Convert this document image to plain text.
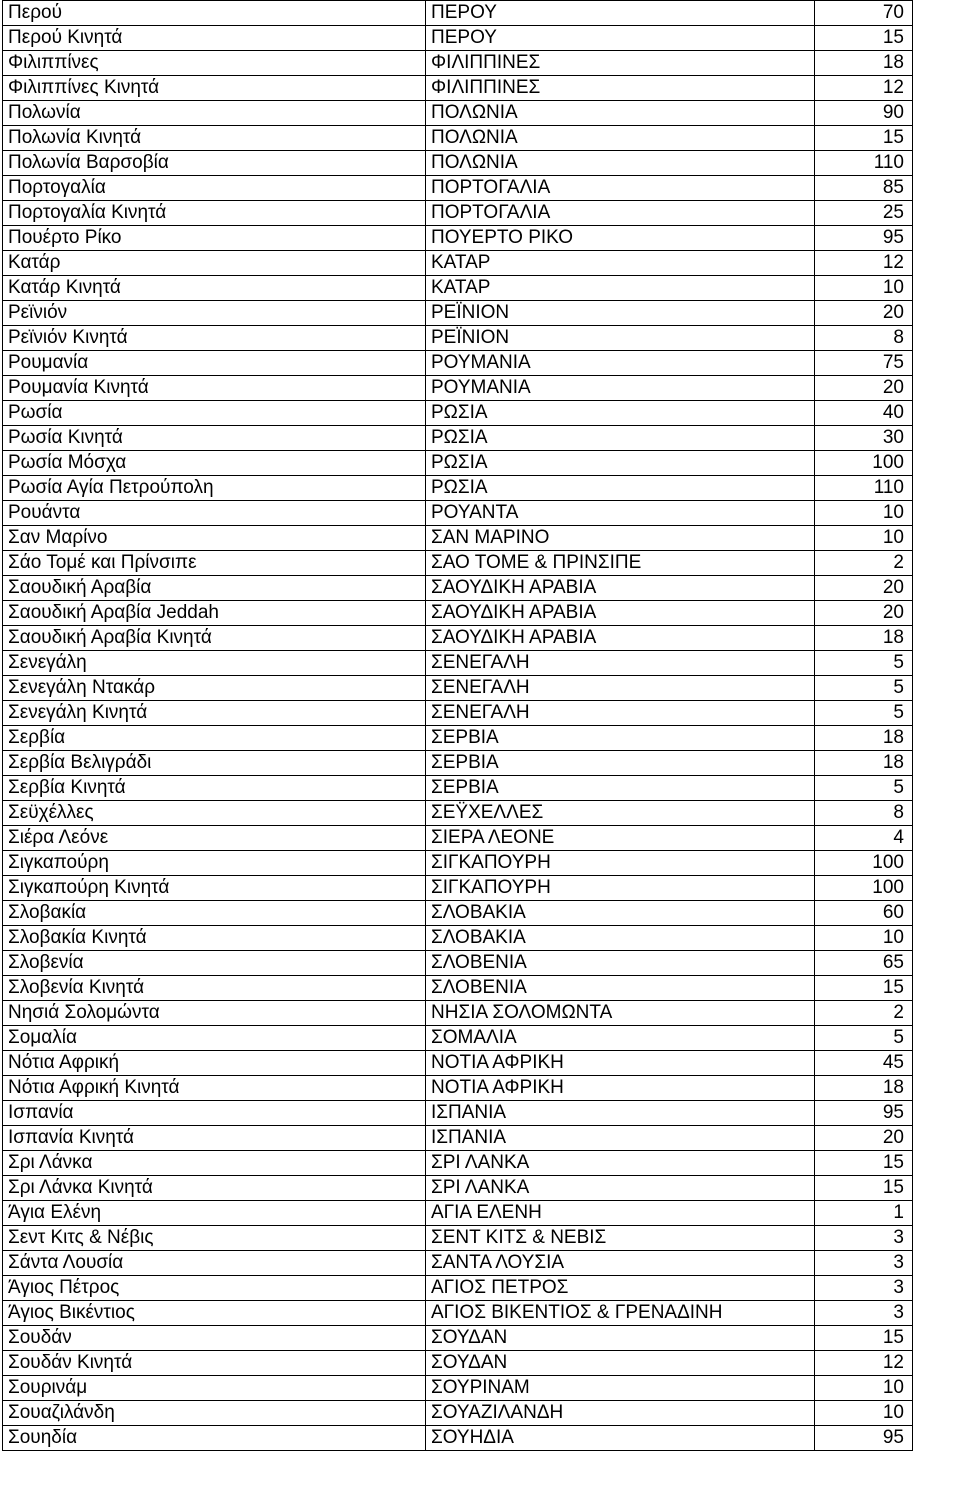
Περού	ΠΕΡΟΥ	70
Περού Κινητά	ΠΕΡΟΥ	15
Φιλιππίνες	ΦΙΛΙΠΠΙΝΕΣ	18
Φιλιππίνες Κινητά	ΦΙΛΙΠΠΙΝΕΣ	12
Πολωνία	ΠΟΛΩΝΙΑ	90
Πολωνία Κινητά	ΠΟΛΩΝΙΑ	15
Πολωνία Βαρσοβία	ΠΟΛΩΝΙΑ	110
Πορτογαλία	ΠΟΡΤΟΓΑΛΙΑ	85
Πορτογαλία Κινητά	ΠΟΡΤΟΓΑΛΙΑ	25
Πουέρτο Ρίκο	ΠΟΥΕΡΤΟ ΡΙΚΟ	95
Κατάρ	ΚΑΤΑΡ	12
Κατάρ Κινητά	ΚΑΤΑΡ	10
Ρεϊνιόν	ΡΕΪΝΙΟΝ	20
Ρεϊνιόν Κινητά	ΡΕΪΝΙΟΝ	8
Ρουμανία	ΡΟΥΜΑΝΙΑ	75
Ρουμανία Κινητά	ΡΟΥΜΑΝΙΑ	20
Ρωσία	ΡΩΣΙΑ	40
Ρωσία Κινητά	ΡΩΣΙΑ	30
Ρωσία Μόσχα	ΡΩΣΙΑ	100
Ρωσία Αγία Πετρούπολη	ΡΩΣΙΑ	110
Ρουάντα	ΡΟΥΑΝΤΑ	10
Σαν Μαρίνο	ΣΑΝ ΜΑΡΙΝΟ	10
Σάο Τομέ και Πρίνσιπε	ΣΑΟ ΤΟΜΕ & ΠΡΙΝΣΙΠΕ	2
Σαουδική Αραβία	ΣΑΟΥΔΙΚΗ ΑΡΑΒΙΑ	20
Σαουδική Αραβία Jeddah	ΣΑΟΥΔΙΚΗ ΑΡΑΒΙΑ	20
Σαουδική Αραβία Κινητά	ΣΑΟΥΔΙΚΗ ΑΡΑΒΙΑ	18
Σενεγάλη	ΣΕΝΕΓΑΛΗ	5
Σενεγάλη Ντακάρ	ΣΕΝΕΓΑΛΗ	5
Σενεγάλη Κινητά	ΣΕΝΕΓΑΛΗ	5
Σερβία	ΣΕΡΒΙΑ	18
Σερβία Βελιγράδι	ΣΕΡΒΙΑ	18
Σερβία Κινητά	ΣΕΡΒΙΑ	5
Σεϋχέλλες	ΣΕΫΧΕΛΛΕΣ	8
Σιέρα Λεόνε	ΣΙΕΡΑ ΛΕΟΝΕ	4
Σιγκαπούρη	ΣΙΓΚΑΠΟΥΡΗ	100
Σιγκαπούρη Κινητά	ΣΙΓΚΑΠΟΥΡΗ	100
Σλοβακία	ΣΛΟΒΑΚΙΑ	60
Σλοβακία Κινητά	ΣΛΟΒΑΚΙΑ	10
Σλοβενία	ΣΛΟΒΕΝΙΑ	65
Σλοβενία Κινητά	ΣΛΟΒΕΝΙΑ	15
Νησιά Σολομώντα	ΝΗΣΙΑ ΣΟΛΟΜΩΝΤΑ	2
Σομαλία	ΣΟΜΑΛΙΑ	5
Νότια Αφρική	ΝΟΤΙΑ ΑΦΡΙΚΗ	45
Νότια Αφρική Κινητά	ΝΟΤΙΑ ΑΦΡΙΚΗ	18
Ισπανία	ΙΣΠΑΝΙΑ	95
Ισπανία Κινητά	ΙΣΠΑΝΙΑ	20
Σρι Λάνκα	ΣΡΙ ΛΑΝΚΑ	15
Σρι Λάνκα Κινητά	ΣΡΙ ΛΑΝΚΑ	15
Άγια Ελένη	ΑΓΙΑ ΕΛΕΝΗ	1
Σεντ Κιτς & Νέβις	ΣΕΝΤ ΚΙΤΣ & ΝΕΒΙΣ	3
Σάντα Λουσία	ΣΑΝΤΑ ΛΟΥΣΙΑ	3
Άγιος Πέτρος	ΑΓΙΟΣ ΠΕΤΡΟΣ	3
Άγιος Βικέντιος	ΑΓΙΟΣ ΒΙΚΕΝΤΙΟΣ & ΓΡΕΝΑΔΙΝΗ	3
Σουδάν	ΣΟΥΔΑΝ	15
Σουδάν Κινητά	ΣΟΥΔΑΝ	12
Σουρινάμ	ΣΟΥΡΙΝΑΜ	10
Σουαζιλάνδη	ΣΟΥΑΖΙΛΑΝΔΗ	10
Σουηδία	ΣΟΥΗΔΙΑ	95
